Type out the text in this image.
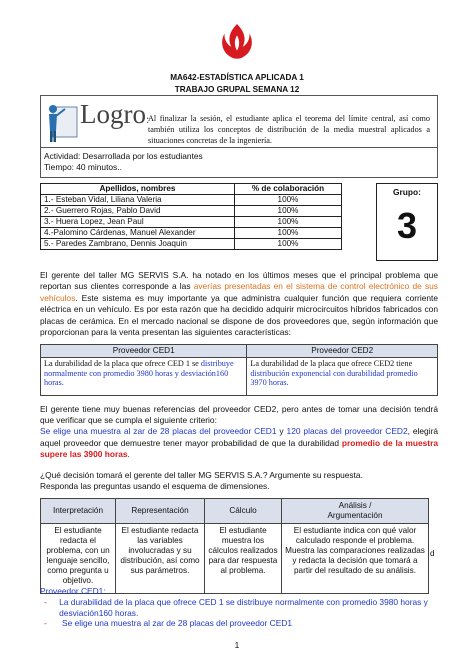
MA642-ESTADÍSTICA APLICADA 1
TRABAJO GRUPAL SEMANA 12
Logro:
Al finalizar la sesión, el estudiante aplica el teorema del límite central, así como también utiliza los conceptos de distribución de la media muestral aplicados a situaciones concretas de la ingeniería.
Actividad: Desarrollada por los estudiantes
Tiempo: 40 minutos..
Apellidos, nombres	% de colaboración
1.- Esteban Vidal, Liliana Valeria	100%
2.- Guerrero Rojas, Pablo David	100%
3.- Huera Lopez, Jean Paul	100%
4.-Palomino Cárdenas, Manuel Alexander	100%
5.- Paredes Zambrano, Dennis Joaquin	100%
Grupo:
3
El gerente del taller MG SERVIS S.A. ha notado en los últimos meses que el principal problema que reportan sus clientes corresponde a las averías presentadas en el sistema de control electrónico de sus vehículos. Este sistema es muy importante ya que administra cualquier función que requiera corriente eléctrica en un vehículo. Es por esta razón que ha decidido adquirir microcircuitos híbridos fabricados con placas de cerámica. En el mercado nacional se dispone de dos proveedores que, según información que proporcionan para la venta presentan las siguientes características:
Proveedor CED1	Proveedor CED2
La durabilidad de la placa que ofrece CED 1 se distribuye normalmente con promedio 3980 horas y desviación160 horas.	La durabilidad de la placa que ofrece CED2 tiene distribución exponencial con durabilidad promedio 3970 horas.
El gerente tiene muy buenas referencias del proveedor CED2, pero antes de tomar una decisión tendrá que verificar que se cumpla el siguiente criterio:
Se elige una muestra al zar de 28 placas del proveedor CED1 y 120 placas del proveedor CED2, elegirá aquel proveedor que demuestre tener mayor probabilidad de que la durabilidad promedio de la muestra supere las 3900 horas.
¿Qué decisión tomará el gerente del taller MG SERVIS S.A.? Argumente su respuesta.
Responda las preguntas usando el esquema de dimensiones.
Interpretación	Representación	Cálculo	Análisis /
Argumentación
El estudiante redacta el problema, con un lenguaje sencillo, como pregunta u objetivo.	El estudiante redacta las variables involucradas y su distribución, así como sus parámetros.	El estudiante muestra los cálculos realizados para dar respuesta al problema.	El estudiante indica con qué valor calculado responde el problema. Muestra las comparaciones realizadas y redacta la decisión que tomará a partir del resultado de su análisis.
d
Proveedor CED1:
-	La durabilidad de la placa que ofrece CED 1 se distribuye normalmente con promedio 3980 horas y desviación160 horas.
-	Se elige una muestra al zar de 28 placas del proveedor CED1
1
